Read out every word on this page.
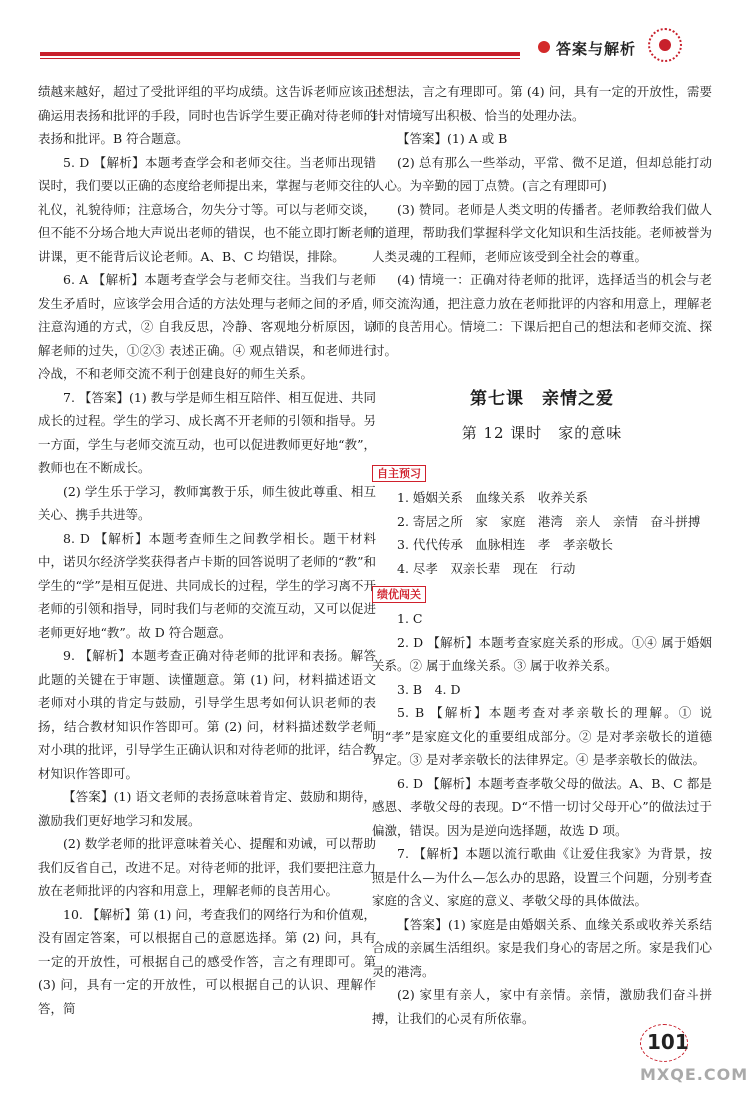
答案与解析

绩越来越好，超过了受批评组的平均成绩。这告诉老师应该正确运用表扬和批评的手段，同时也告诉学生要正确对待老师的表扬和批评。B 符合题意。

5. D 【解析】本题考查学会和老师交往。当老师出现错误时，我们要以正确的态度给老师提出来，掌握与老师交往的礼仪，礼貌待师；注意场合，勿失分寸等。可以与老师交谈，但不能不分场合地大声说出老师的错误，也不能立即打断老师讲课，更不能背后议论老师。A、B、C 均错误，排除。

6. A 【解析】本题考查学会与老师交往。当我们与老师发生矛盾时，应该学会用合适的方法处理与老师之间的矛盾，注意沟通的方式，② 自我反思，冷静、客观地分析原因，谅解老师的过失，①②③ 表述正确。④ 观点错误，和老师进行冷战，不和老师交流不利于创建良好的师生关系。

7. 【答案】(1) 教与学是师生相互陪伴、相互促进、共同成长的过程。学生的学习、成长离不开老师的引领和指导。另一方面，学生与老师交流互动，也可以促进教师更好地“教”，教师也在不断成长。

(2) 学生乐于学习，教师寓教于乐，师生彼此尊重、相互关心、携手共进等。

8. D 【解析】本题考查师生之间教学相长。题干材料中，诺贝尔经济学奖获得者卢卡斯的回答说明了老师的“教”和学生的“学”是相互促进、共同成长的过程，学生的学习离不开老师的引领和指导，同时我们与老师的交流互动，又可以促进老师更好地“教”。故 D 符合题意。

9. 【解析】本题考查正确对待老师的批评和表扬。解答此题的关键在于审题、读懂题意。第 (1) 问，材料描述语文老师对小琪的肯定与鼓励，引导学生思考如何认识老师的表扬，结合教材知识作答即可。第 (2) 问，材料描述数学老师对小琪的批评，引导学生正确认识和对待老师的批评，结合教材知识作答即可。

【答案】(1) 语文老师的表扬意味着肯定、鼓励和期待，激励我们更好地学习和发展。

(2) 数学老师的批评意味着关心、提醒和劝诫，可以帮助我们反省自己，改进不足。对待老师的批评，我们要把注意力放在老师批评的内容和用意上，理解老师的良苦用心。

10. 【解析】第 (1) 问，考查我们的网络行为和价值观，没有固定答案，可以根据自己的意愿选择。第 (2) 问，具有一定的开放性，可根据自己的感受作答，言之有理即可。第 (3) 问，具有一定的开放性，可以根据自己的认识、理解作答，简

述想法，言之有理即可。第 (4) 问，具有一定的开放性，需要针对情境写出积极、恰当的处理办法。

【答案】(1) A 或 B

(2) 总有那么一些举动，平常、微不足道，但却总能打动人心。为辛勤的园丁点赞。(言之有理即可)

(3) 赞同。老师是人类文明的传播者。老师教给我们做人的道理，帮助我们掌握科学文化知识和生活技能。老师被誉为人类灵魂的工程师，老师应该受到全社会的尊重。

(4) 情境一：正确对待老师的批评，选择适当的机会与老师交流沟通，把注意力放在老师批评的内容和用意上，理解老师的良苦用心。情境二：下课后把自己的想法和老师交流、探讨。

第七课　亲情之爱
第 12 课时　家的意味
自主预习

1. 婚姻关系　血缘关系　收养关系

2. 寄居之所　家　家庭　港湾　亲人　亲情　奋斗拼搏

3. 代代传承　血脉相连　孝　孝亲敬长

4. 尽孝　双亲长辈　现在　行动

绩优闯关

1. C

2. D 【解析】本题考查家庭关系的形成。①④ 属于婚姻关系。② 属于血缘关系。③ 属于收养关系。

3. B　4. D

5. B 【解析】本题考查对孝亲敬长的理解。① 说明“孝”是家庭文化的重要组成部分。② 是对孝亲敬长的道德界定。③ 是对孝亲敬长的法律界定。④ 是孝亲敬长的做法。

6. D 【解析】本题考查孝敬父母的做法。A、B、C 都是感恩、孝敬父母的表现。D“不惜一切讨父母开心”的做法过于偏激，错误。因为是逆向选择题，故选 D 项。

7. 【解析】本题以流行歌曲《让爱住我家》为背景，按照是什么—为什么—怎么办的思路，设置三个问题，分别考查家庭的含义、家庭的意义、孝敬父母的具体做法。

【答案】(1) 家庭是由婚姻关系、血缘关系或收养关系结合成的亲属生活组织。家是我们身心的寄居之所。家是我们心灵的港湾。

(2) 家里有亲人，家中有亲情。亲情，激励我们奋斗拼搏，让我们的心灵有所依靠。

101
MXQE.COM
